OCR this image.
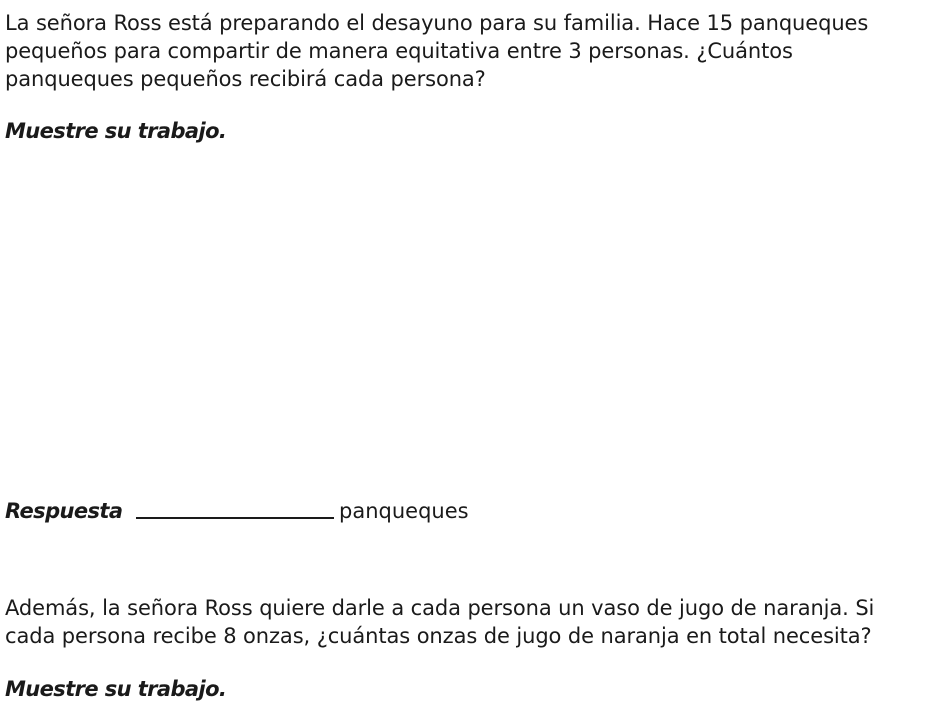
La señora Ross está preparando el desayuno para su familia. Hace 15 panqueques
pequeños para compartir de manera equitativa entre 3 personas. ¿Cuántos
panqueques pequeños recibirá cada persona?
Muestre su trabajo.
Respuesta	panqueques
Además, la señora Ross quiere darle a cada persona un vaso de jugo de naranja. Si
cada persona recibe 8 onzas, ¿cuántas onzas de jugo de naranja en total necesita?
Muestre su trabajo.
